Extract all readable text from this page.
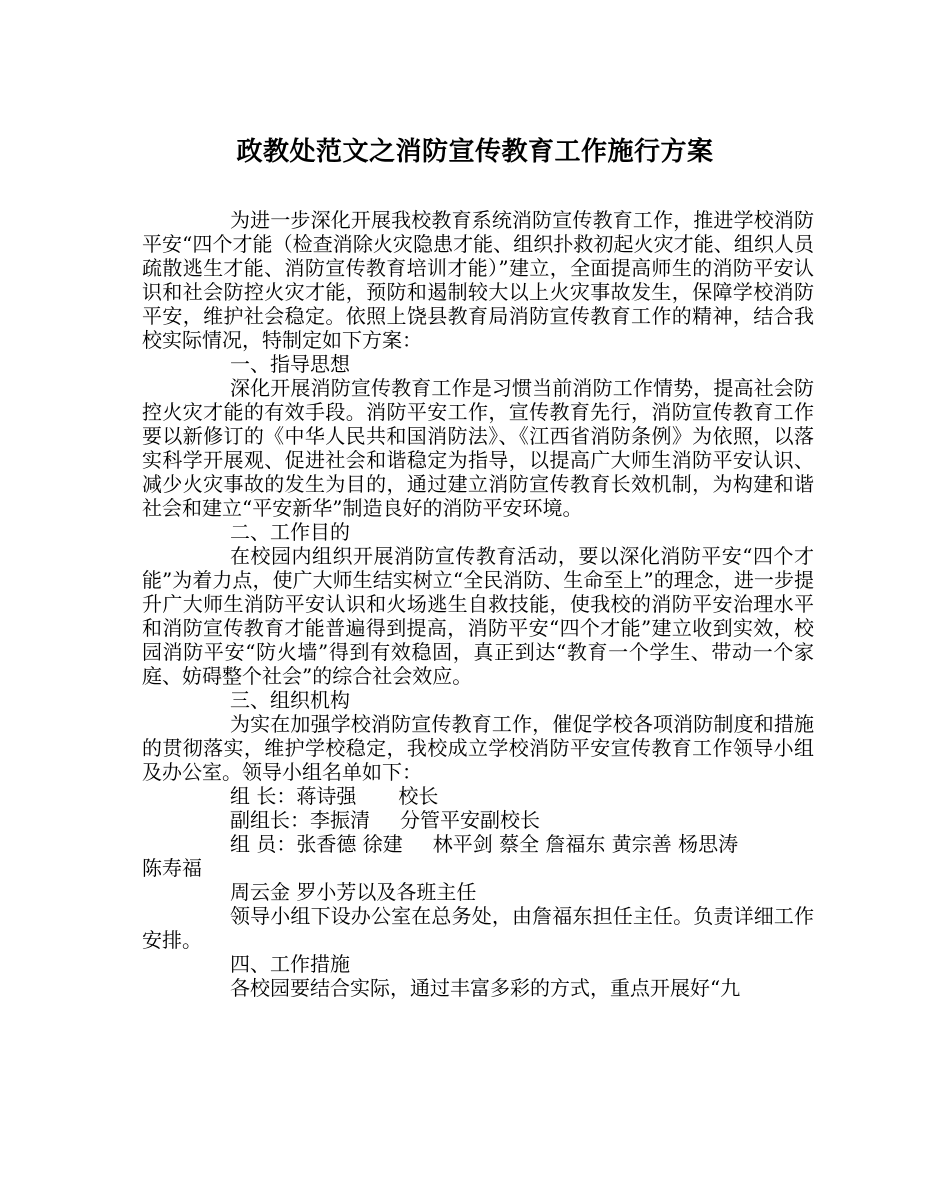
政教处范文之消防宣传教育工作施行方案

为进一步深化开展我校教育系统消防宣传教育工作，推进学校消防平安“四个才能（检查消除火灾隐患才能、组织扑救初起火灾才能、组织人员疏散逃生才能、消防宣传教育培训才能）”建立，全面提高师生的消防平安认识和社会防控火灾才能，预防和遏制较大以上火灾事故发生，保障学校消防平安，维护社会稳定。依照上饶县教育局消防宣传教育工作的精神，结合我校实际情况，特制定如下方案：

一、指导思想

深化开展消防宣传教育工作是习惯当前消防工作情势，提高社会防控火灾才能的有效手段。消防平安工作，宣传教育先行，消防宣传教育工作要以新修订的《中华人民共和国消防法》、《江西省消防条例》为依照，以落实科学开展观、促进社会和谐稳定为指导，以提高广大师生消防平安认识、减少火灾事故的发生为目的，通过建立消防宣传教育长效机制，为构建和谐社会和建立“平安新华”制造良好的消防平安环境。

二、工作目的

在校园内组织开展消防宣传教育活动，要以深化消防平安“四个才能”为着力点，使广大师生结实树立“全民消防、生命至上”的理念，进一步提升广大师生消防平安认识和火场逃生自救技能，使我校的消防平安治理水平和消防宣传教育才能普遍得到提高，消防平安“四个才能”建立收到实效，校园消防平安“防火墙”得到有效稳固，真正到达“教育一个学生、带动一个家庭、妨碍整个社会”的综合社会效应。

三、组织机构

为实在加强学校消防宣传教育工作，催促学校各项消防制度和措施的贯彻落实，维护学校稳定，我校成立学校消防平安宣传教育工作领导小组及办公室。领导小组名单如下：

组 长：蒋诗强 校长

副组长：李振清 分管平安副校长

组 员：张香德 徐建 林平剑 蔡全 詹福东 黄宗善 杨思涛

陈寿福

周云金 罗小芳以及各班主任

领导小组下设办公室在总务处，由詹福东担任主任。负责详细工作安排。

四、工作措施

各校园要结合实际，通过丰富多彩的方式，重点开展好“九
